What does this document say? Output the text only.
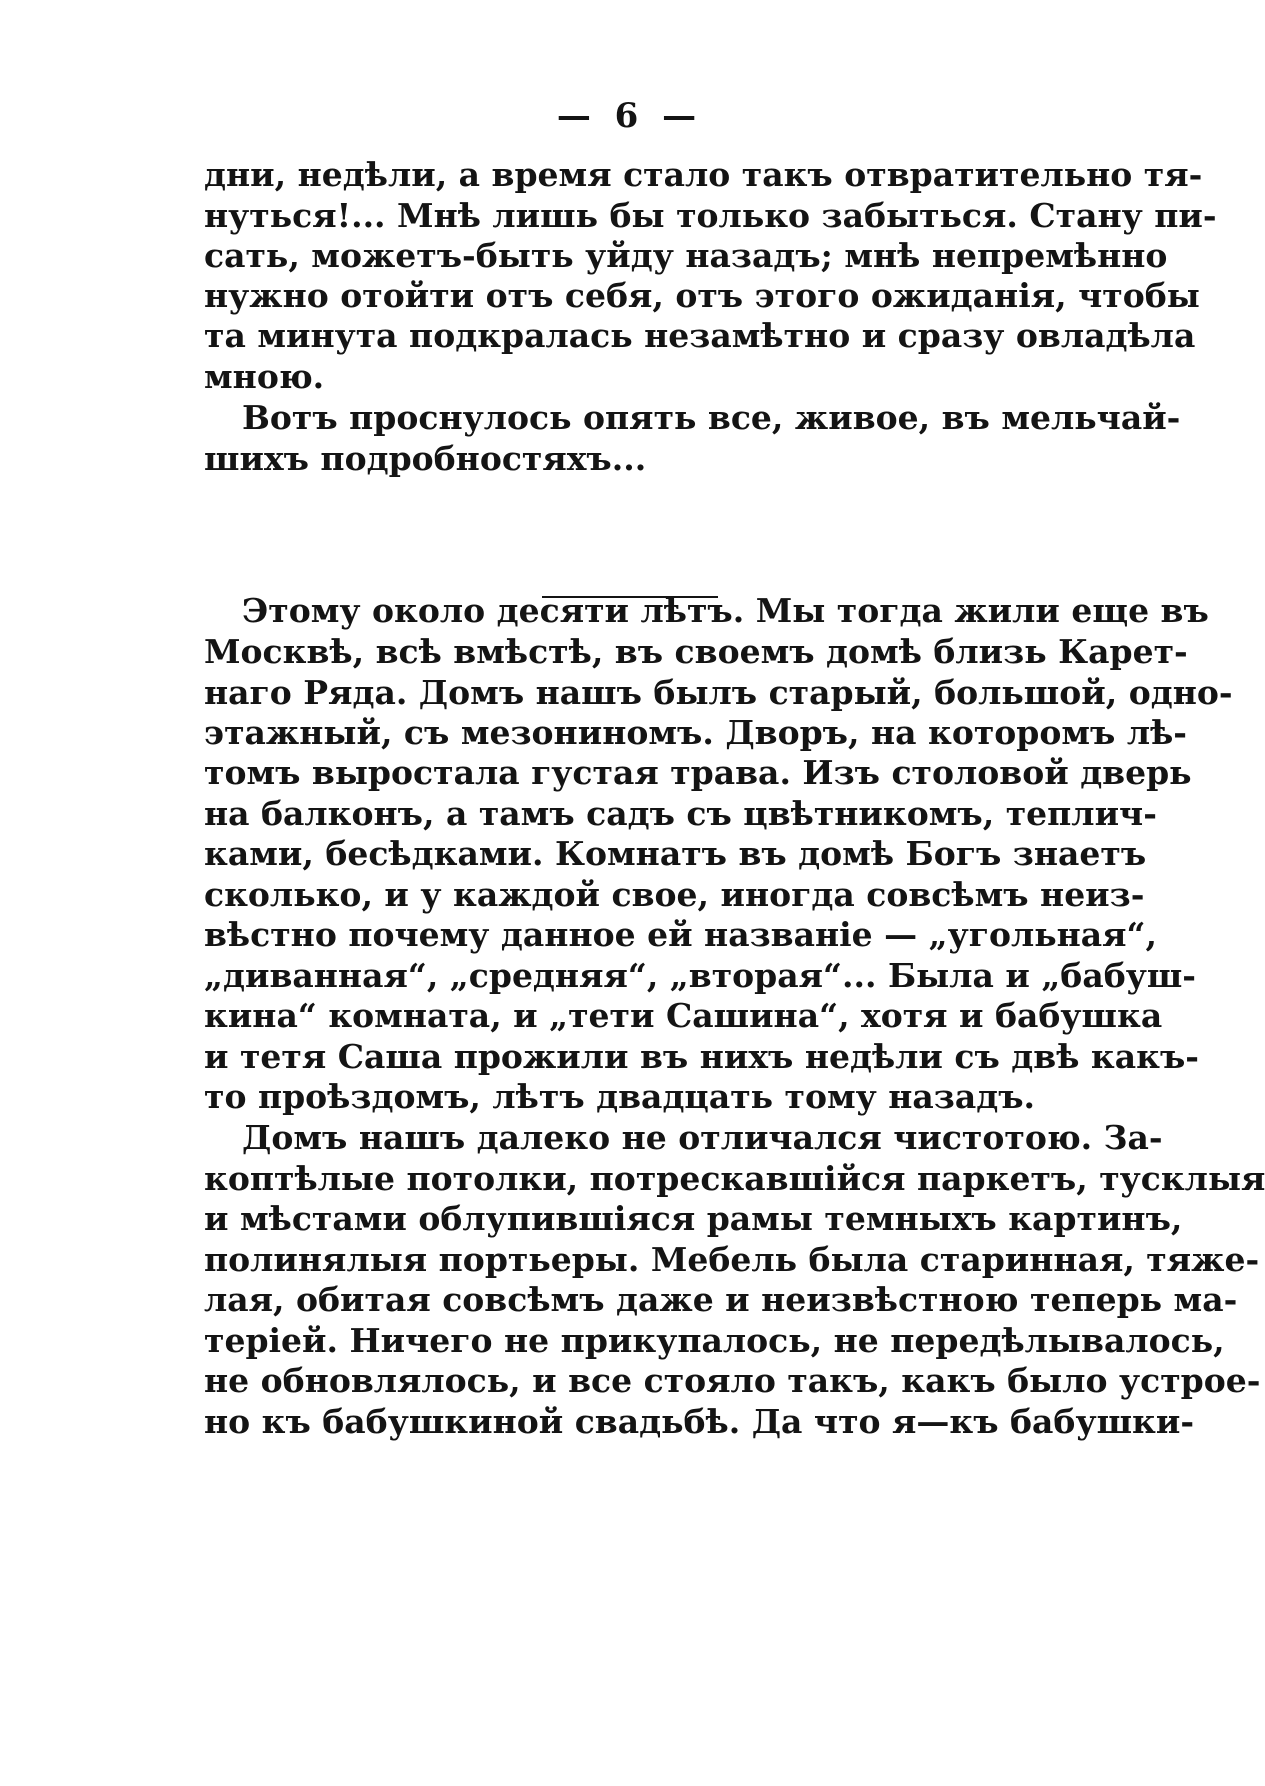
— 6 —
дни, недѣли, а время стало такъ отвратительно тя-
нуться!... Мнѣ лишь бы только забыться. Стану пи-
сать, можетъ-быть уйду назадъ; мнѣ непремѣнно
нужно отойти отъ себя, отъ этого ожиданія, чтобы
та минута подкралась незамѣтно и сразу овладѣла
мною.
Вотъ проснулось опять все, живое, въ мельчай-
шихъ подробностяхъ...
Этому около десяти лѣтъ. Мы тогда жили еще въ
Москвѣ, всѣ вмѣстѣ, въ своемъ домѣ близь Карет-
наго Ряда. Домъ нашъ былъ старый, большой, одно-
этажный, съ мезониномъ. Дворъ, на которомъ лѣ-
томъ выростала густая трава. Изъ столовой дверь
на балконъ, а тамъ садъ съ цвѣтникомъ, теплич-
ками, бесѣдками. Комнатъ въ домѣ Богъ знаетъ
сколько, и у каждой свое, иногда совсѣмъ неиз-
вѣстно почему данное ей названіе — „угольная“,
„диванная“, „средняя“, „вторая“... Была и „бабуш-
кина“ комната, и „тети Сашина“, хотя и бабушка
и тетя Саша прожили въ нихъ недѣли съ двѣ какъ-
то проѣздомъ, лѣтъ двадцать тому назадъ.
Домъ нашъ далеко не отличался чистотою. За-
коптѣлые потолки, потрескавшійся паркетъ, тусклыя
и мѣстами облупившіяся рамы темныхъ картинъ,
полинялыя портьеры. Мебель была старинная, тяже-
лая, обитая совсѣмъ даже и неизвѣстною теперь ма-
теріей. Ничего не прикупалось, не передѣлывалось,
не обновлялось, и все стояло такъ, какъ было устрое-
но къ бабушкиной свадьбѣ. Да что я—къ бабушки-
